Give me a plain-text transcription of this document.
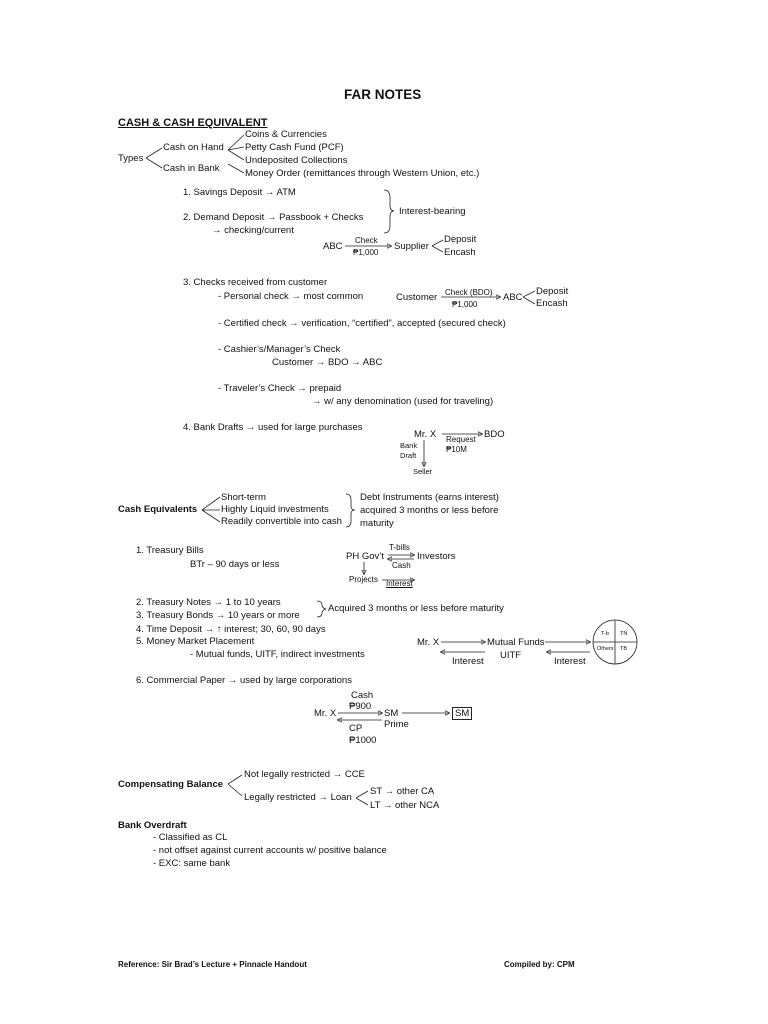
FAR NOTES
CASH & CASH EQUIVALENT
Types
Cash on Hand
Cash in Bank
Coins & Currencies
Petty Cash Fund (PCF)
Undeposited Collections
Money Order (remittances through Western Union, etc.)
1. Savings Deposit → ATM
2. Demand Deposit → Passbook + Checks
→ checking/current
Interest-bearing
ABC
Check
₱1,000
Supplier
Deposit
Encash
3. Checks received from customer
- Personal check → most common	Customer Check (BDO)
₱1,000
ABC
Deposit
Encash
- Certified check → verification, “certified”, accepted (secured check)
- Cashier’s/Manager’s Check
Customer → BDO → ABC
- Traveler’s Check → prepaid
→ w/ any denomination (used for traveling)
4. Bank Drafts → used for large purchases
Mr. X Request
₱10M
BDO
Bank
Draft
Seller
Cash Equivalents
Short-term
Highly Liquid investments
Readily convertible into cash
Debt Instruments (earns interest)
acquired 3 months or less before
maturity
1. Treasury Bills
BTr – 90 days or less
PH Gov’t
T-bills
Investors
Cash
Projects Interest
2. Treasury Notes → 1 to 10 years
3. Treasury Bonds → 10 years or more
4. Time Deposit → ↑ interest; 30, 60, 90 days
5. Money Market Placement
Acquired 3 months or less before maturity
- Mutual funds, UITF, indirect investments
Mr. X	Mutual Funds
UITF
Interest	Interest
T-b TN
Others TB
6. Commercial Paper → used by large corporations
Cash
₱900
Mr. X	SM
Prime
CP
₱1000
SM
Compensating Balance
Not legally restricted → CCE
Legally restricted → Loan
ST → other CA
LT → other NCA
Bank Overdraft
- Classified as CL
- not offset against current accounts w/ positive balance
- EXC: same bank
Reference: Sir Brad’s Lecture + Pinnacle Handout	Compiled by: CPM
